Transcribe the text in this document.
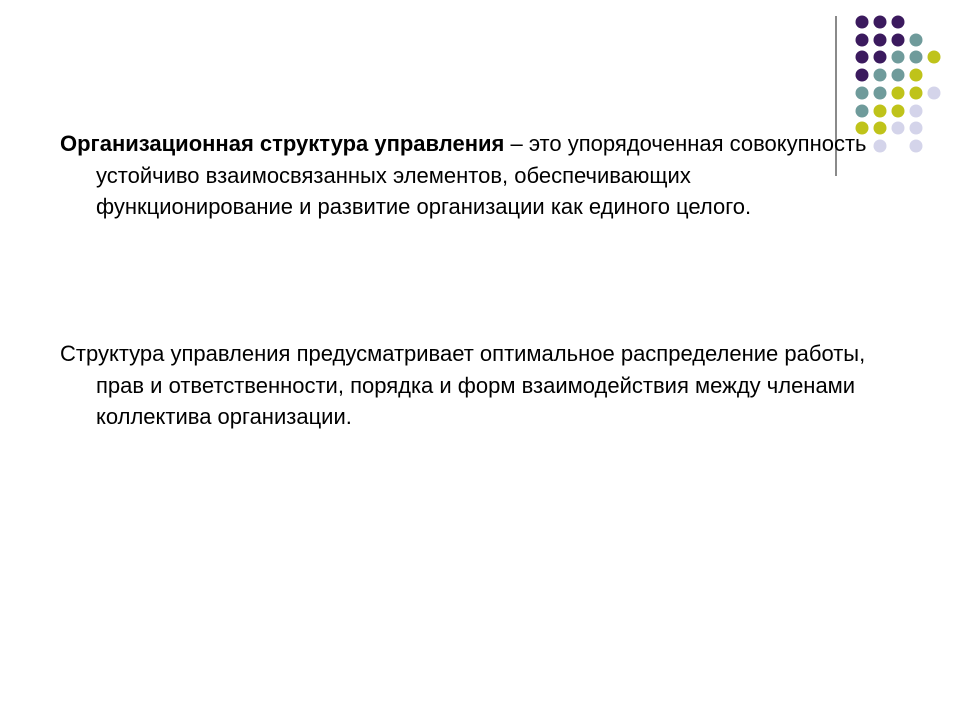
Организационная структура управления – это упорядоченная совокупность устойчиво взаимосвязанных элементов, обеспечивающих функционирование и развитие организации как единого целого.

Структура управления предусматривает оптимальное распределение работы, прав и ответственности, порядка и форм взаимодействия между членами коллектива организации.
